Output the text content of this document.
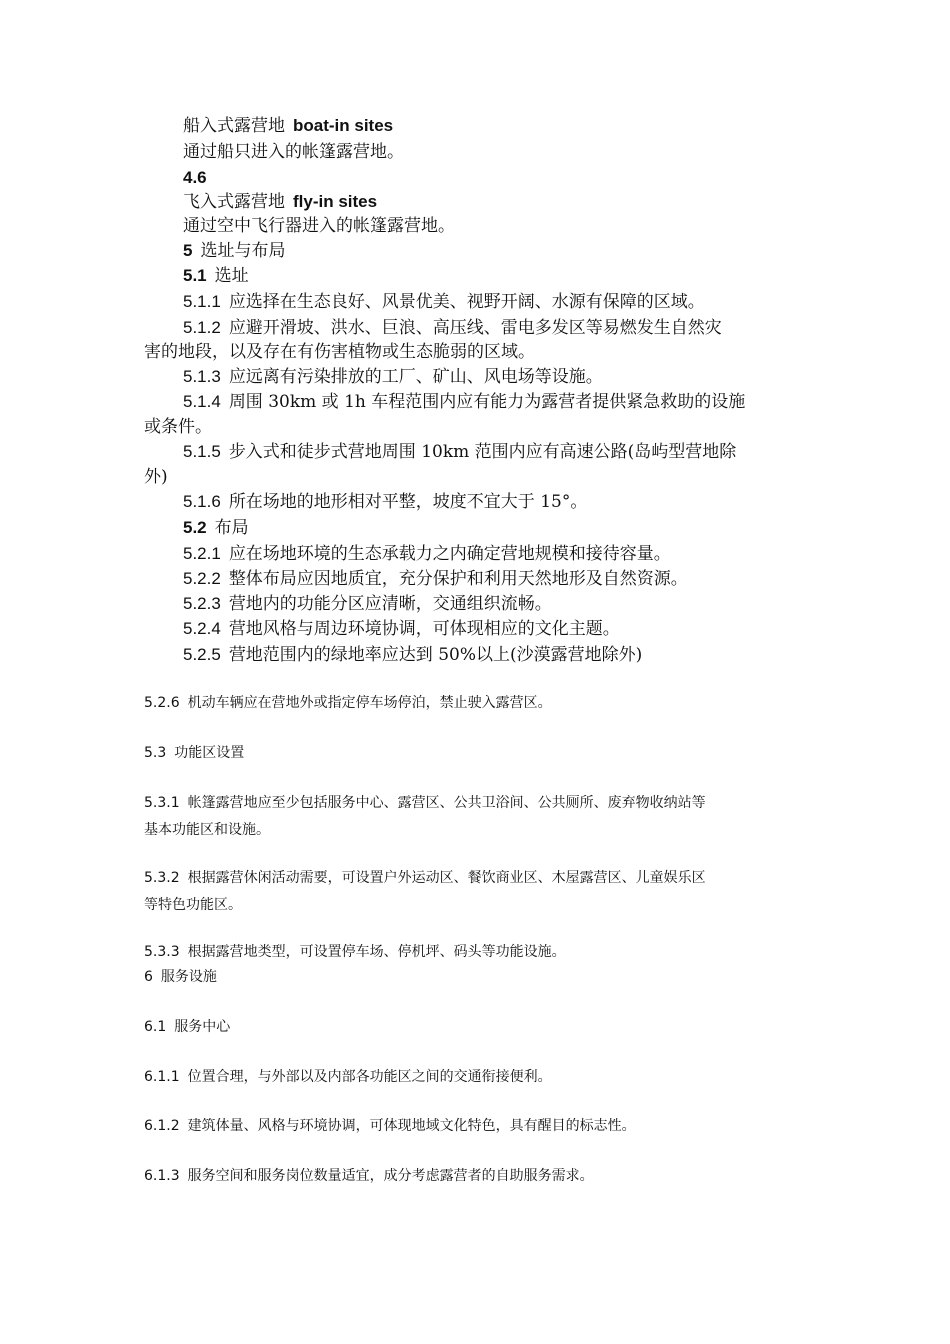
船入式露营地 boat-in sites
通过船只进入的帐篷露营地。
4.6
飞入式露营地 fly-in sites
通过空中飞行器进入的帐篷露营地。
5 选址与布局
5.1 选址
5.1.1 应选择在生态良好、风景优美、视野开阔、水源有保障的区域。
5.1.2 应避开滑坡、洪水、巨浪、高压线、雷电多发区等易燃发生自然灾
害的地段，以及存在有伤害植物或生态脆弱的区域。
5.1.3 应远离有污染排放的工厂、矿山、风电场等设施。
5.1.4 周围 30km 或 1h 车程范围内应有能力为露营者提供紧急救助的设施
或条件。
5.1.5 步入式和徒步式营地周围 10km 范围内应有高速公路(岛屿型营地除
外)
5.1.6 所在场地的地形相对平整，坡度不宜大于 15°。
5.2 布局
5.2.1 应在场地环境的生态承载力之内确定营地规模和接待容量。
5.2.2 整体布局应因地质宜，充分保护和利用天然地形及自然资源。
5.2.3 营地内的功能分区应清晰，交通组织流畅。
5.2.4 营地风格与周边环境协调，可体现相应的文化主题。
5.2.5 营地范围内的绿地率应达到 50%以上(沙漠露营地除外)
5.2.6 机动车辆应在营地外或指定停车场停泊，禁止驶入露营区。
5.3 功能区设置
5.3.1 帐篷露营地应至少包括服务中心、露营区、公共卫浴间、公共厕所、废弃物收纳站等
基本功能区和设施。
5.3.2 根据露营休闲活动需要，可设置户外运动区、餐饮商业区、木屋露营区、儿童娱乐区
等特色功能区。
5.3.3 根据露营地类型，可设置停车场、停机坪、码头等功能设施。
6 服务设施
6.1 服务中心
6.1.1 位置合理，与外部以及内部各功能区之间的交通衔接便利。
6.1.2 建筑体量、风格与环境协调，可体现地域文化特色，具有醒目的标志性。
6.1.3 服务空间和服务岗位数量适宜，成分考虑露营者的自助服务需求。
